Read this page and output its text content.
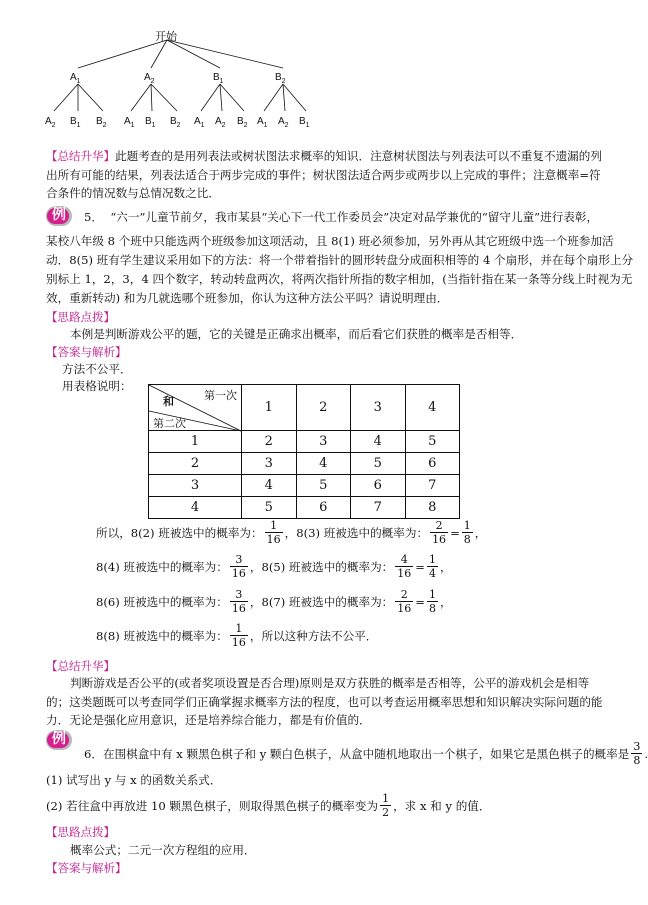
开始
$A_1$	$A_2$	$B_1$	$B_2$
$A_2$ $B_1$ $B_2$ $A_1$ $B_1$ $B_2$ $A_1$ $A_2$ $B_2$ $A_1$ $A_2$ $B_1$
【总结升华】此题考查的是用列表法或树状图法求概率的知识．注意树状图法与列表法可以不重复不遗漏的列出所有可能的结果，列表法适合于两步完成的事件；树状图法适合两步或两步以上完成的事件；注意概率=符合条件的情况数与总情况数之比．
例 5． “六一”儿童节前夕，我市某县“关心下一代工作委员会”决定对品学兼优的“留守儿童”进行表彰，
某校八年级 8 个班中只能选两个班级参加这项活动，且 8(1) 班必须参加，另外再从其它班级中选一个班参加活
动．8(5) 班有学生建议采用如下的方法：将一个带着指针的圆形转盘分成面积相等的 4 个扇形，并在每个扇形上分
别标上 1，2，3，4 四个数字，转动转盘两次，将两次指针所指的数字相加，(当指针指在某一条等分线上时视为无
效，重新转动) 和为几就选哪个班参加，你认为这种方法公平吗？请说明理由．
【思路点拨】
本例是判断游戏公平的题，它的关键是正确求出概率，而后看它们获胜的概率是否相等．
【答案与解析】
方法不公平．
用表格说明：
第一次
和
第二次	1	2	3	4
1	2	3	4	5
2	3	4	5	6
3	4	5	6	7
4	5	6	7	8
所以，8(2) 班被选中的概率为： $\frac{1}{16}$ ，8(3) 班被选中的概率为： $\frac{2}{16} = \frac{1}{8}$ ，
8(4) 班被选中的概率为： $\frac{3}{16}$ ，8(5) 班被选中的概率为： $\frac{4}{16} = \frac{1}{4}$ ，
8(6) 班被选中的概率为： $\frac{3}{16}$ ，8(7) 班被选中的概率为： $\frac{2}{16} = \frac{1}{8}$ ，
8(8) 班被选中的概率为： $\frac{1}{16}$ ，所以这种方法不公平．
【总结升华】
判断游戏是否公平的(或者奖项设置是否合理)原则是双方获胜的概率是否相等，公平的游戏机会是相等的；这类题既可以考查同学们正确掌握求概率方法的程度，也可以考查运用概率思想和知识解决实际问题的能力．无论是强化应用意识，还是培养综合能力，都是有价值的．
例
6．在围棋盒中有 x 颗黑色棋子和 y 颗白色棋子，从盒中随机地取出一个棋子，如果它是黑色棋子的概率是 $\frac{3}{8}$ .
(1) 试写出 y 与 x 的函数关系式．
(2) 若往盒中再放进 10 颗黑色棋子，则取得黑色棋子的概率变为 $\frac{1}{2}$ ，求 x 和 y 的值．
【思路点拨】
概率公式；二元一次方程组的应用．
【答案与解析】
